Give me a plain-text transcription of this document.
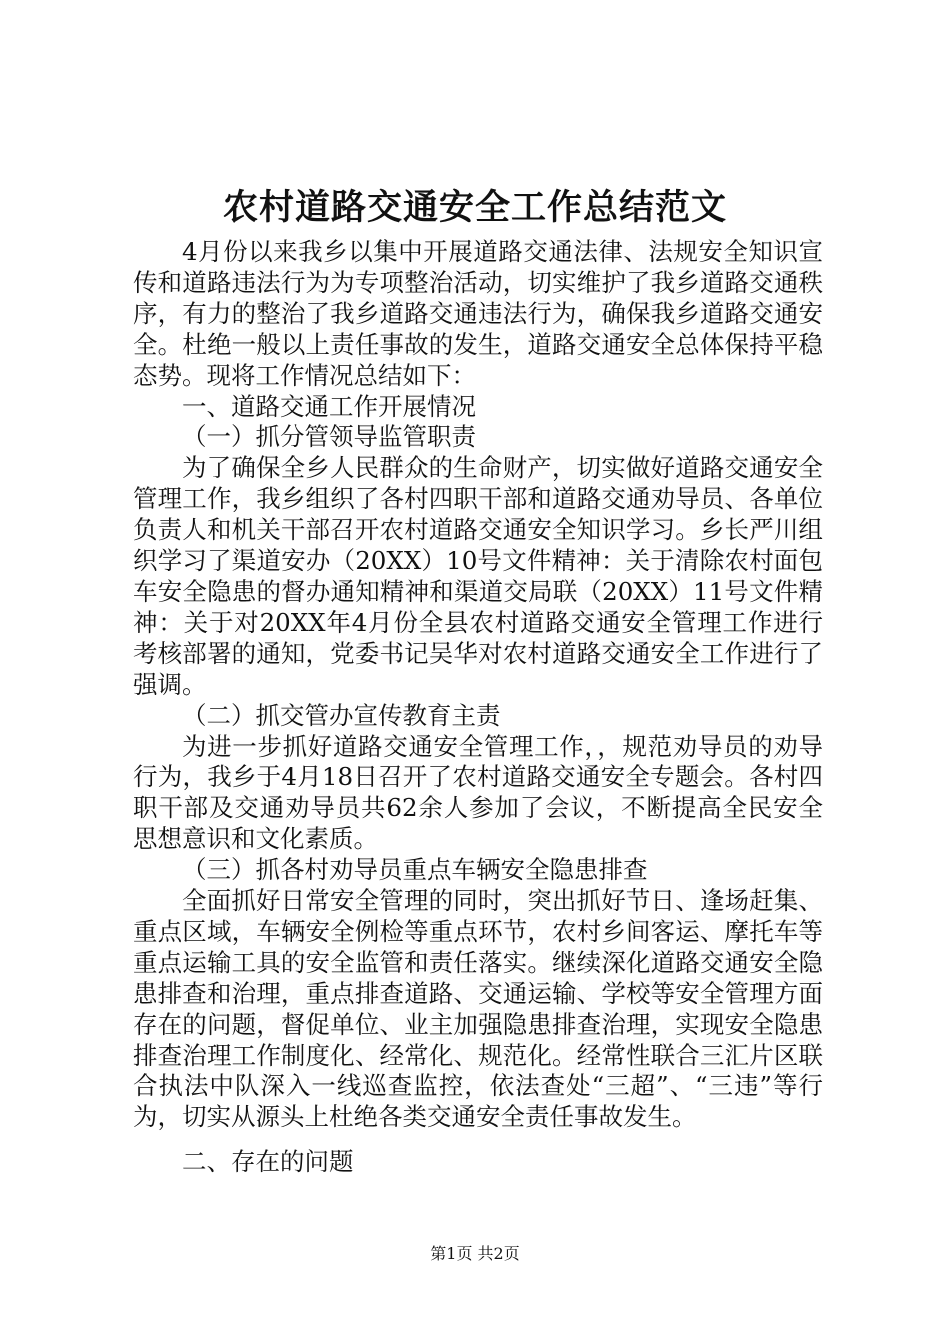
农村道路交通安全工作总结范文

4月份以来我乡以集中开展道路交通法律、法规安全知识宣传和道路违法行为为专项整治活动，切实维护了我乡道路交通秩序，有力的整治了我乡道路交通违法行为，确保我乡道路交通安全。杜绝一般以上责任事故的发生，道路交通安全总体保持平稳态势。现将工作情况总结如下：

一、道路交通工作开展情况

（一）抓分管领导监管职责

为了确保全乡人民群众的生命财产，切实做好道路交通安全管理工作，我乡组织了各村四职干部和道路交通劝导员、各单位负责人和机关干部召开农村道路交通安全知识学习。乡长严川组织学习了渠道安办（20XX）10号文件精神：关于清除农村面包车安全隐患的督办通知精神和渠道交局联（20XX）11号文件精神：关于对20XX年4月份全县农村道路交通安全管理工作进行考核部署的通知，党委书记吴华对农村道路交通安全工作进行了强调。

（二）抓交管办宣传教育主责

为进一步抓好道路交通安全管理工作，，规范劝导员的劝导行为，我乡于4月18日召开了农村道路交通安全专题会。各村四职干部及交通劝导员共62余人参加了会议，不断提高全民安全思想意识和文化素质。

（三）抓各村劝导员重点车辆安全隐患排查

全面抓好日常安全管理的同时，突出抓好节日、逢场赶集、重点区域，车辆安全例检等重点环节，农村乡间客运、摩托车等重点运输工具的安全监管和责任落实。继续深化道路交通安全隐患排查和治理，重点排查道路、交通运输、学校等安全管理方面存在的问题，督促单位、业主加强隐患排查治理，实现安全隐患排查治理工作制度化、经常化、规范化。经常性联合三汇片区联合执法中队深入一线巡查监控，依法查处“三超”、“三违”等行为，切实从源头上杜绝各类交通安全责任事故发生。

二、存在的问题

第1页 共2页
